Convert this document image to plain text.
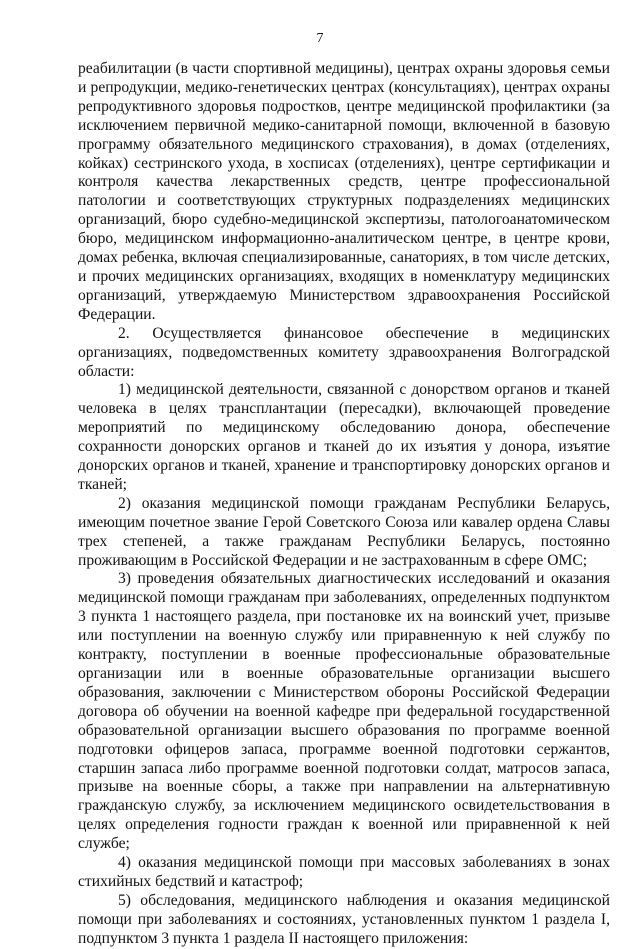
7

реабилитации (в части спортивной медицины), центрах охраны здоровья семьи и репродукции, медико-генетических центрах (консультациях), центрах охраны репродуктивного здоровья подростков, центре медицинской профилактики (за исключением первичной медико-санитарной помощи, включенной в базовую программу обязательного медицинского страхования), в домах (отделениях, койках) сестринского ухода, в хосписах (отделениях), центре сертификации и контроля качества лекарственных средств, центре профессиональной патологии и соответствующих структурных подразделениях медицинских организаций, бюро судебно-медицинской экспертизы, патологоанатомическом бюро, медицинском информационно-аналитическом центре, в центре крови, домах ребенка, включая специализированные, санаториях, в том числе детских, и прочих медицинских организациях, входящих в номенклатуру медицинских организаций, утверждаемую Министерством здравоохранения Российской Федерации.

2. Осуществляется финансовое обеспечение в медицинских организациях, подведомственных комитету здравоохранения Волгоградской области:

1) медицинской деятельности, связанной с донорством органов и тканей человека в целях трансплантации (пересадки), включающей проведение мероприятий по медицинскому обследованию донора, обеспечение сохранности донорских органов и тканей до их изъятия у донора, изъятие донорских органов и тканей, хранение и транспортировку донорских органов и тканей;

2) оказания медицинской помощи гражданам Республики Беларусь, имеющим почетное звание Герой Советского Союза или кавалер ордена Славы трех степеней, а также гражданам Республики Беларусь, постоянно проживающим в Российской Федерации и не застрахованным в сфере ОМС;

3) проведения обязательных диагностических исследований и оказания медицинской помощи гражданам при заболеваниях, определенных подпунктом 3 пункта 1 настоящего раздела, при постановке их на воинский учет, призыве или поступлении на военную службу или приравненную к ней службу по контракту, поступлении в военные профессиональные образовательные организации или в военные образовательные организации высшего образования, заключении с Министерством обороны Российской Федерации договора об обучении на военной кафедре при федеральной государственной образовательной организации высшего образования по программе военной подготовки офицеров запаса, программе военной подготовки сержантов, старшин запаса либо программе военной подготовки солдат, матросов запаса, призыве на военные сборы, а также при направлении на альтернативную гражданскую службу, за исключением медицинского освидетельствования в целях определения годности граждан к военной или приравненной к ней службе;

4) оказания медицинской помощи при массовых заболеваниях в зонах стихийных бедствий и катастроф;

5) обследования, медицинского наблюдения и оказания медицинской помощи при заболеваниях и состояниях, установленных пунктом 1 раздела I, подпунктом 3 пункта 1 раздела II настоящего приложения:
